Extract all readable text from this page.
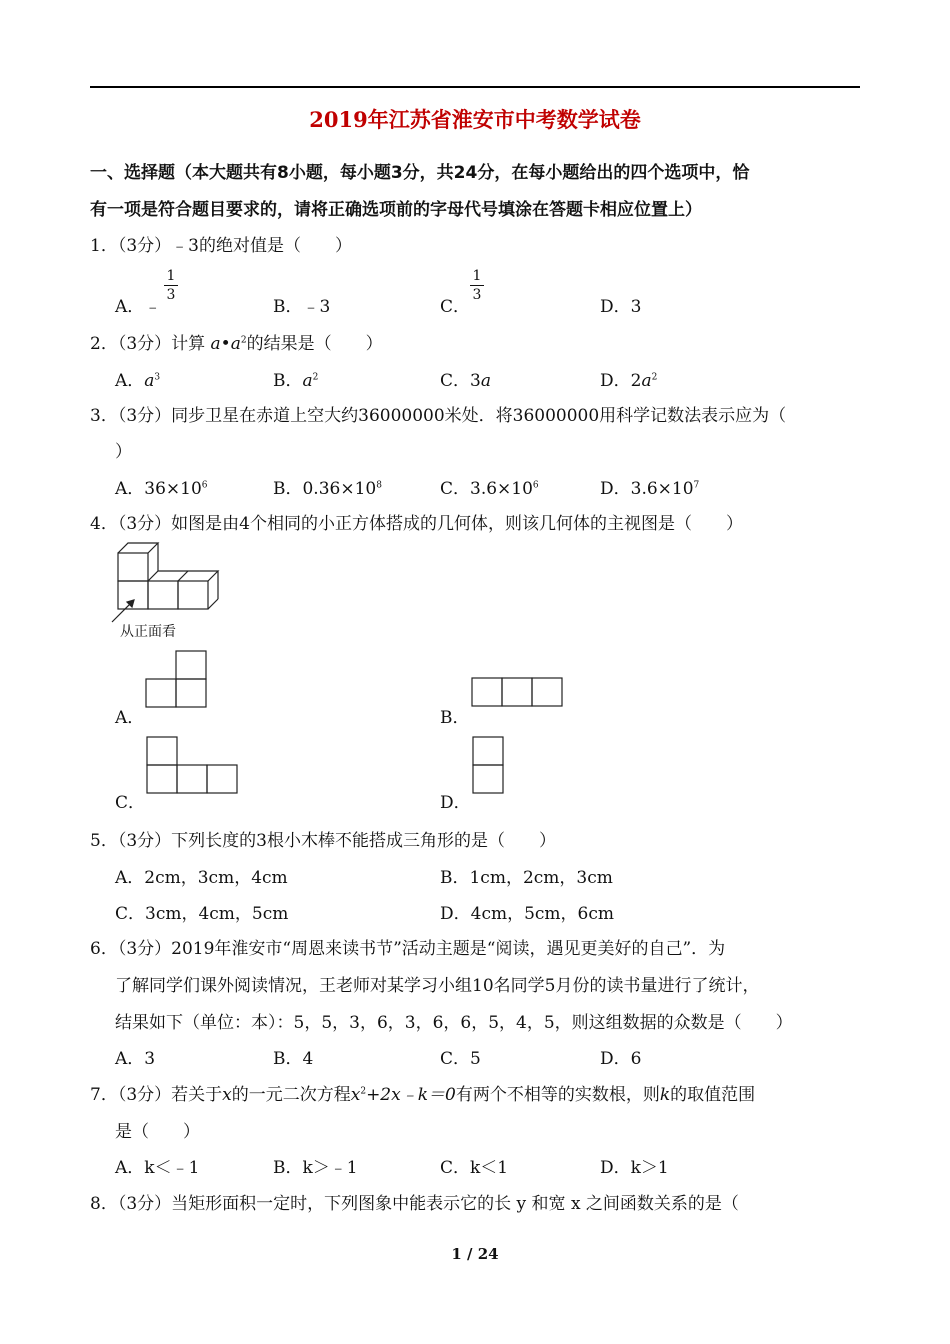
2019年江苏省淮安市中考数学试卷
一、选择题（本大题共有8小题，每小题3分，共24分，在每小题给出的四个选项中，恰
有一项是符合题目要求的，请将正确选项前的字母代号填涂在答题卡相应位置上）
1．（3分）﹣3的绝对值是（　　）
A．﹣
1
3
B．﹣3	C．
1
3
D．3
2．（3分）计算 $a•a^2$的结果是（　　）
A．$a^3$	B．$a^2$	C．3a	D．$2a^2$
3．（3分）同步卫星在赤道上空大约36000000米处．将36000000用科学记数法表示应为（
）
A．$36\times 10^6$	B．$0.36\times 10^8$	C．$3.6\times 10^6$	D．$3.6\times 10^7$
4．（3分）如图是由4个相同的小正方体搭成的几何体，则该几何体的主视图是（　　）
从正面看
A．	B．
C．	D．
5．（3分）下列长度的3根小木棒不能搭成三角形的是（　　）
A．2cm，3cm，4cm	B．1cm，2cm，3cm
C．3cm，4cm，5cm	D．4cm，5cm，6cm
6．（3分）2019年淮安市“周恩来读书节”活动主题是“阅读，遇见更美好的自己”．为
了解同学们课外阅读情况，王老师对某学习小组10名同学5月份的读书量进行了统计，
结果如下（单位：本）：5，5，3，6，3，6，6，5，4，5，则这组数据的众数是（　　）
A．3	B．4	C．5	D．6
7．（3分）若关于x的一元二次方程$x^2+2x﹣k=0$有两个不相等的实数根，则k的取值范围
是（　　）
A．k＜﹣1	B．k＞﹣1	C．k＜1	D．k＞1
8．（3分）当矩形面积一定时，下列图象中能表示它的长 y 和宽 x 之间函数关系的是（
1 / 24
